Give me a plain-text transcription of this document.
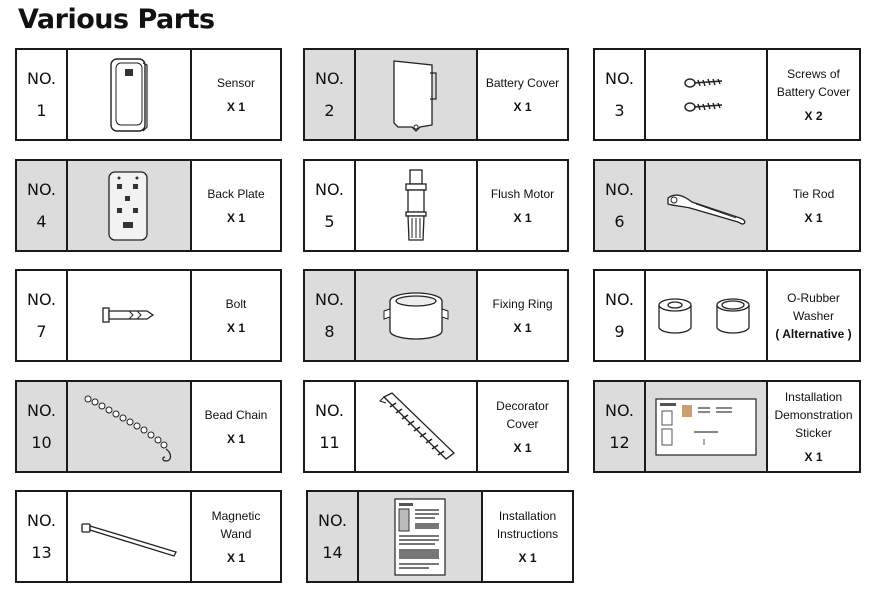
Various Parts
NO.
1
Sensor
X 1
NO.
2
Battery Cover
X 1
NO.
3
Screws of
Battery Cover
X 2
NO.
4
Back Plate
X 1
NO.
5
Flush Motor
X 1
NO.
6
Tie Rod
X 1
NO.
7
Bolt
X 1
NO.
8
Fixing Ring
X 1
NO.
9
O-Rubber
Washer
( Alternative )
NO.
10
Bead Chain
X 1
NO.
11
Decorator
Cover
X 1
NO.
12
Installation
Demonstration
Sticker
X 1
NO.
13
Magnetic
Wand
X 1
NO.
14
Installation
Instructions
X 1
